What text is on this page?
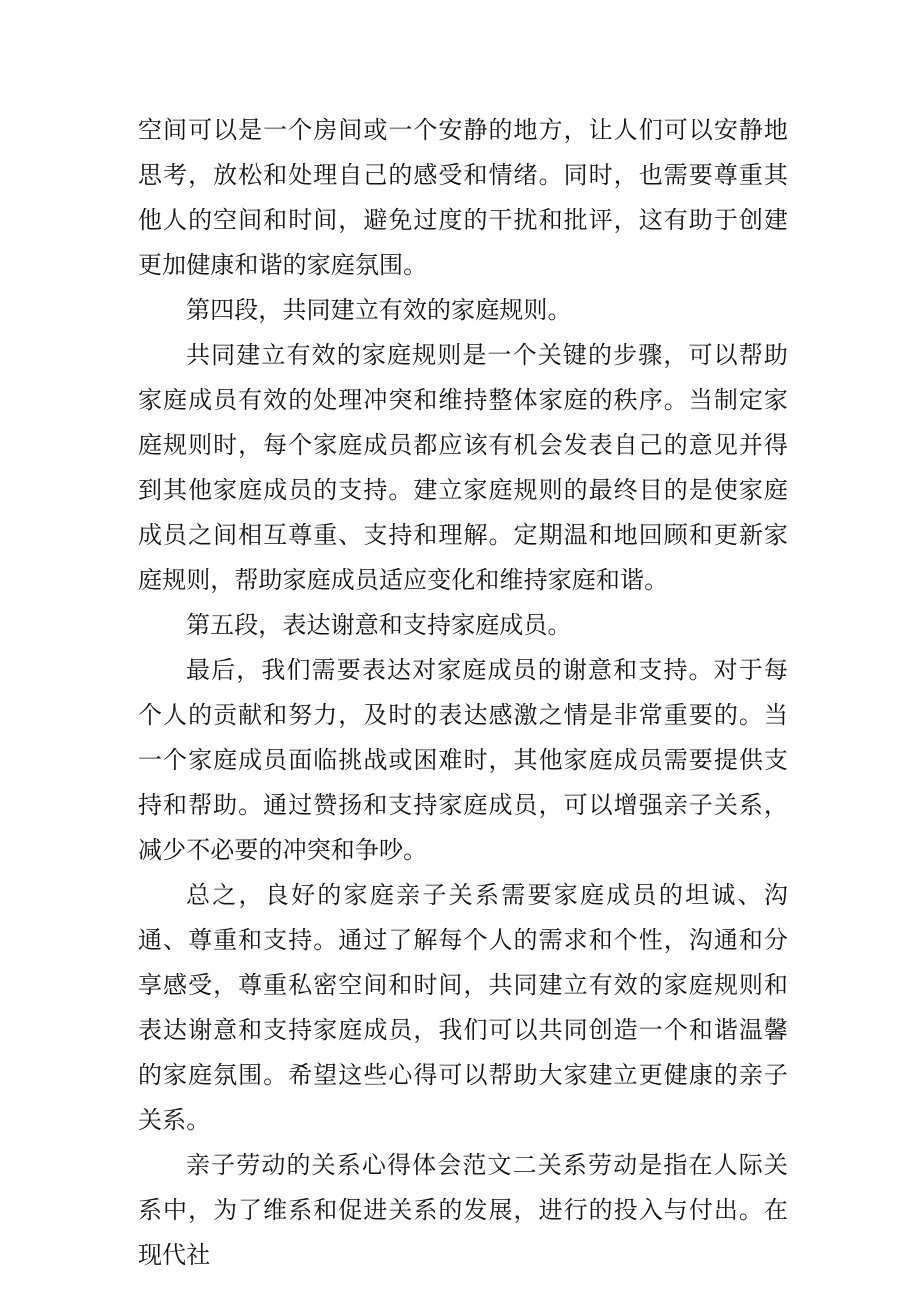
空间可以是一个房间或一个安静的地方，让人们可以安静地思考，放松和处理自己的感受和情绪。同时，也需要尊重其他人的空间和时间，避免过度的干扰和批评，这有助于创建更加健康和谐的家庭氛围。

第四段，共同建立有效的家庭规则。

共同建立有效的家庭规则是一个关键的步骤，可以帮助家庭成员有效的处理冲突和维持整体家庭的秩序。当制定家庭规则时，每个家庭成员都应该有机会发表自己的意见并得到其他家庭成员的支持。建立家庭规则的最终目的是使家庭成员之间相互尊重、支持和理解。定期温和地回顾和更新家庭规则，帮助家庭成员适应变化和维持家庭和谐。

第五段，表达谢意和支持家庭成员。

最后，我们需要表达对家庭成员的谢意和支持。对于每个人的贡献和努力，及时的表达感激之情是非常重要的。当一个家庭成员面临挑战或困难时，其他家庭成员需要提供支持和帮助。通过赞扬和支持家庭成员，可以增强亲子关系，减少不必要的冲突和争吵。

总之，良好的家庭亲子关系需要家庭成员的坦诚、沟通、尊重和支持。通过了解每个人的需求和个性，沟通和分享感受，尊重私密空间和时间，共同建立有效的家庭规则和表达谢意和支持家庭成员，我们可以共同创造一个和谐温馨的家庭氛围。希望这些心得可以帮助大家建立更健康的亲子关系。

亲子劳动的关系心得体会范文二关系劳动是指在人际关系中，为了维系和促进关系的发展，进行的投入与付出。在现代社
